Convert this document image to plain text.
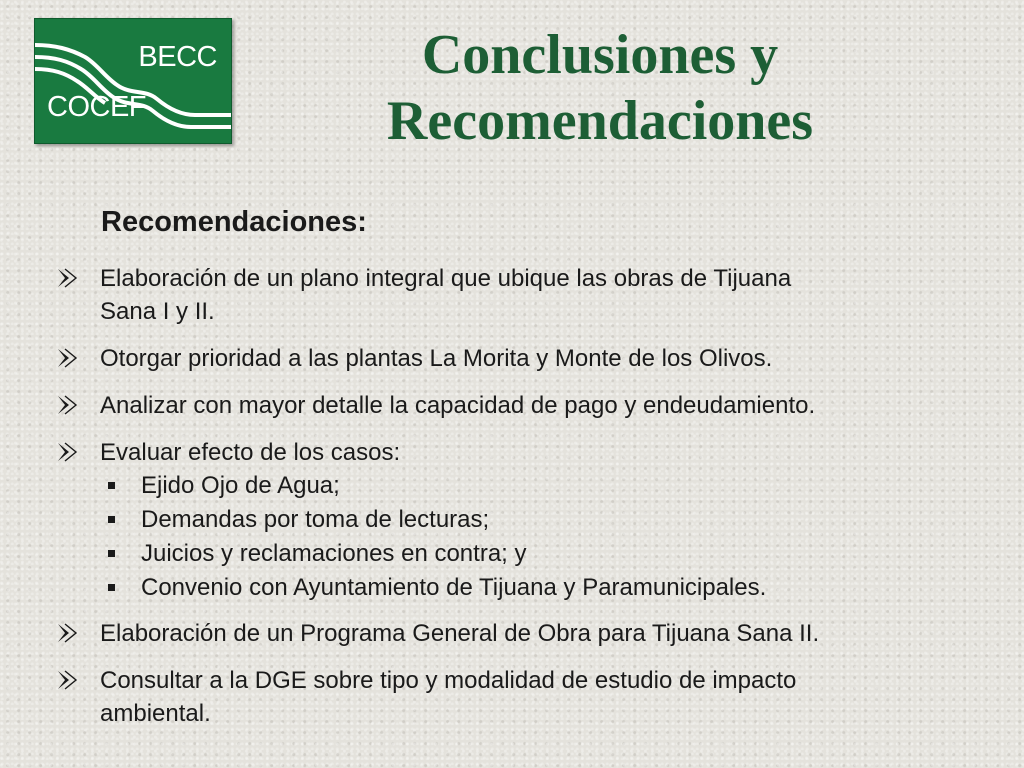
BECC
COCEF
Conclusiones y
Recomendaciones
Recomendaciones:
Elaboración de un plano integral que ubique las obras de Tijuana
Sana I y II.
Otorgar prioridad a las plantas La Morita y Monte de los Olivos.
Analizar con mayor detalle la capacidad de pago y endeudamiento.
Evaluar efecto de los casos:
Ejido Ojo de Agua;
Demandas por toma de lecturas;
Juicios y reclamaciones en contra; y
Convenio con Ayuntamiento de Tijuana y Paramunicipales.
Elaboración de un Programa General de Obra para Tijuana Sana II.
Consultar a la DGE sobre tipo y modalidad de estudio de impacto
ambiental.
